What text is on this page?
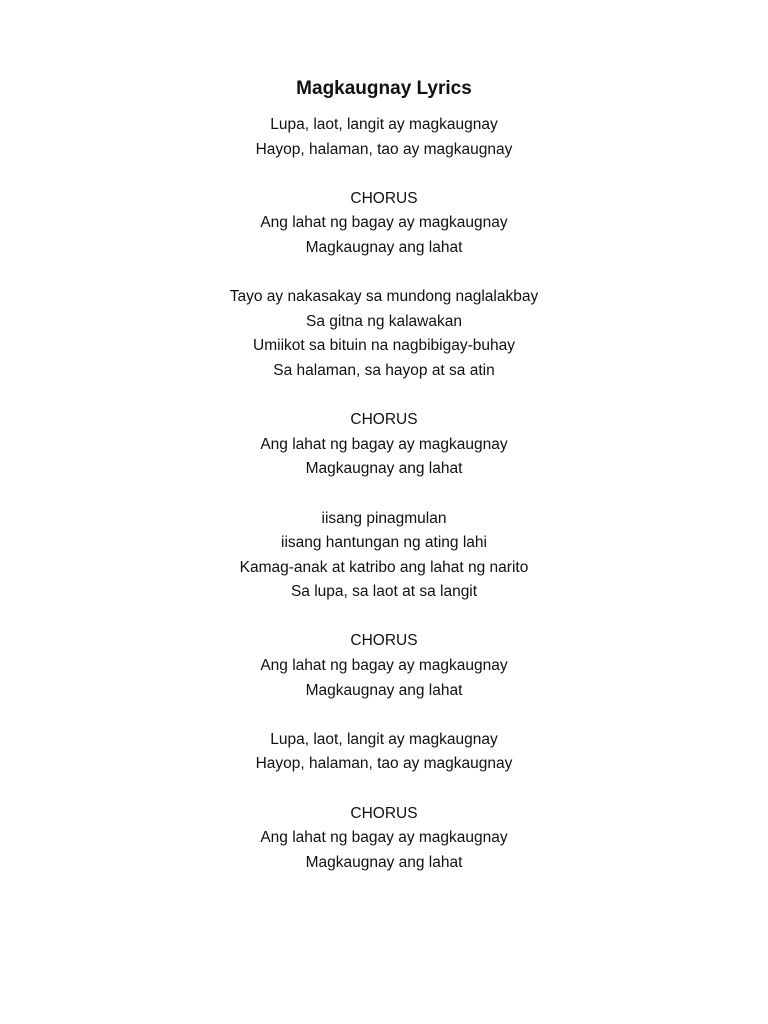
Magkaugnay Lyrics
Lupa, laot, langit ay magkaugnay
Hayop, halaman, tao ay magkaugnay
CHORUS
Ang lahat ng bagay ay magkaugnay
Magkaugnay ang lahat
Tayo ay nakasakay sa mundong naglalakbay
Sa gitna ng kalawakan
Umiikot sa bituin na nagbibigay-buhay
Sa halaman, sa hayop at sa atin
CHORUS
Ang lahat ng bagay ay magkaugnay
Magkaugnay ang lahat
iisang pinagmulan
iisang hantungan ng ating lahi
Kamag-anak at katribo ang lahat ng narito
Sa lupa, sa laot at sa langit
CHORUS
Ang lahat ng bagay ay magkaugnay
Magkaugnay ang lahat
Lupa, laot, langit ay magkaugnay
Hayop, halaman, tao ay magkaugnay
CHORUS
Ang lahat ng bagay ay magkaugnay
Magkaugnay ang lahat
